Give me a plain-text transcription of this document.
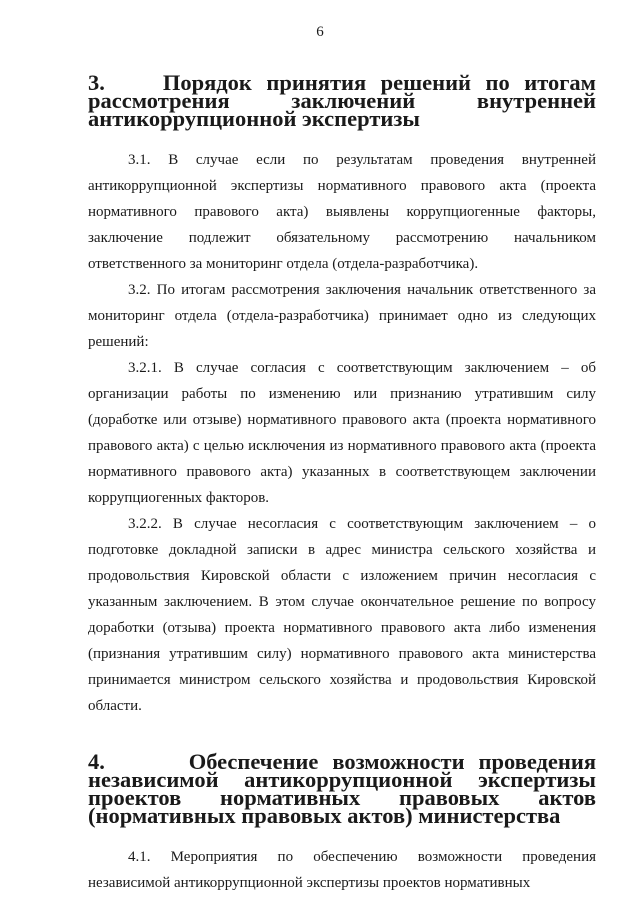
6
3.	Порядок принятия решений по итогам рассмотрения заключений внутренней антикоррупционной экспертизы

3.1. В случае если по результатам проведения внутренней антикоррупционной экспертизы нормативного правового акта (проекта нормативного правового акта) выявлены коррупциогенные факторы, заключение подлежит обязательному рассмотрению начальником ответственного за мониторинг отдела (отдела-разработчика).

3.2. По итогам рассмотрения заключения начальник ответственного за мониторинг отдела (отдела-разработчика) принимает одно из следующих решений:

3.2.1. В случае согласия с соответствующим заключением – об организации работы по изменению или признанию утратившим силу (доработке или отзыве) нормативного правового акта (проекта нормативного правового акта) с целью исключения из нормативного правового акта (проекта нормативного правового акта) указанных в соответствующем заключении коррупциогенных факторов.

3.2.2. В случае несогласия с соответствующим заключением – о подготовке докладной записки в адрес министра сельского хозяйства и продовольствия Кировской области с изложением причин несогласия с указанным заключением. В этом случае окончательное решение по вопросу доработки (отзыва) проекта нормативного правового акта либо изменения (признания утратившим силу) нормативного правового акта министерства принимается министром сельского хозяйства и продовольствия Кировской области.

4.	Обеспечение возможности проведения независимой антикоррупционной экспертизы проектов нормативных правовых актов (нормативных правовых актов) министерства

4.1. Мероприятия по обеспечению возможности проведения независимой антикоррупционной экспертизы проектов нормативных
